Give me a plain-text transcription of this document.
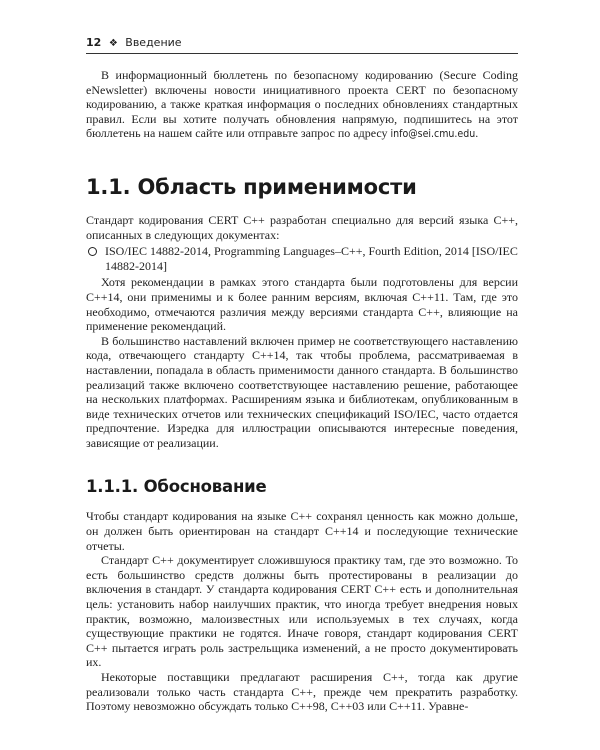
12 ❖ Введение

В информационный бюллетень по безопасному кодированию (Secure Coding eNewsletter) включены новости инициативного проекта CERT по безопасному кодированию, а также краткая информация о последних обновлениях стандартных правил. Если вы хотите получать обновления напрямую, подпишитесь на этот бюллетень на нашем сайте или отправьте запрос по адресу info@sei.cmu.edu.

1.1. Область применимости

Стандарт кодирования CERT C++ разработан специально для версий языка C++, описанных в следующих документах:

ISO/IEC 14882-2014, Programming Languages–C++, Fourth Edition, 2014 [ISO/IEC 14882-2014]

Хотя рекомендации в рамках этого стандарта были подготовлены для версии C++14, они применимы и к более ранним версиям, включая C++11. Там, где это необходимо, отмечаются различия между версиями стандарта C++, влияющие на применение рекомендаций.

В большинство наставлений включен пример не соответствующего наставлению кода, отвечающего стандарту C++14, так чтобы проблема, рассматриваемая в наставлении, попадала в область применимости данного стандарта. В большинство реализаций также включено соответствующее наставлению решение, работающее на нескольких платформах. Расширениям языка и библиотекам, опубликованным в виде технических отчетов или технических спецификаций ISO/IEC, часто отдается предпочтение. Изредка для иллюстрации описываются интересные поведения, зависящие от реализации.

1.1.1. Обоснование

Чтобы стандарт кодирования на языке C++ сохранял ценность как можно дольше, он должен быть ориентирован на стандарт C++14 и последующие технические отчеты.

Стандарт C++ документирует сложившуюся практику там, где это возможно. То есть большинство средств должны быть протестированы в реализации до включения в стандарт. У стандарта кодирования CERT C++ есть и дополнительная цель: установить набор наилучших практик, что иногда требует внедрения новых практик, возможно, малоизвестных или используемых в тех случаях, когда существующие практики не годятся. Иначе говоря, стандарт кодирования CERT C++ пытается играть роль застрельщика изменений, а не просто документировать их.

Некоторые поставщики предлагают расширения C++, тогда как другие реализовали только часть стандарта C++, прежде чем прекратить разработку. Поэтому невозможно обсуждать только C++98, C++03 или C++11. Уравне-
